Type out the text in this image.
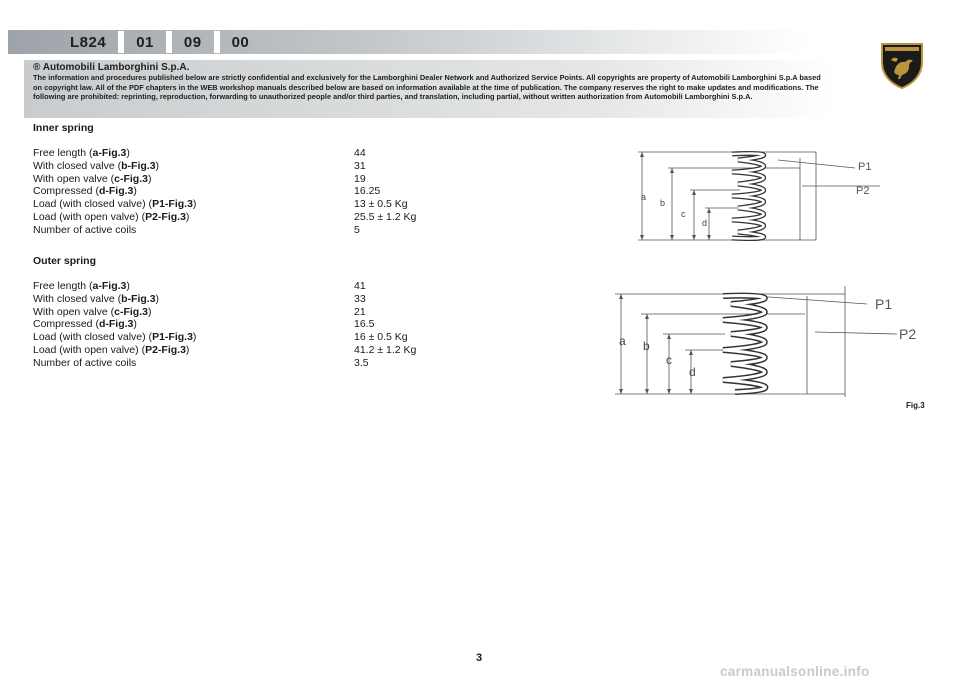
L824 01 09 00
® Automobili Lamborghini S.p.A.
The information and procedures published below are strictly confidential and exclusively for the Lamborghini Dealer Network and Authorized Service Points. All copyrights are property of Automobili Lamborghini S.p.A based on copyright law. All of the PDF chapters in the WEB workshop manuals described below are based on information available at the time of publication. The company reserves the right to make updates and modifications. The following are prohibited: reprinting, reproduction, forwarding to unauthorized people and/or third parties, and translation, including partial, without written authorization from Automobili Lamborghini S.p.A.
Inner spring
Free length (a-Fig.3)	44
With closed valve (b-Fig.3)	31
With open valve (c-Fig.3)	19
Compressed (d-Fig.3)	16.25
Load (with closed valve) (P1-Fig.3)	13 ± 0.5 Kg
Load (with open valve) (P2-Fig.3)	25.5 ± 1.2 Kg
Number of active coils	5
Outer spring
Free length (a-Fig.3)	41
With closed valve (b-Fig.3)	33
With open valve (c-Fig.3)	21
Compressed (d-Fig.3)	16.5
Load (with closed valve) (P1-Fig.3)	16 ± 0.5 Kg
Load (with open valve) (P2-Fig.3)	41.2 ± 1.2 Kg
Number of active coils	3.5
a
b
c
d
P1
P2
a b
c
d
P1
P2
Fig.3
3
carmanualsonline.info
